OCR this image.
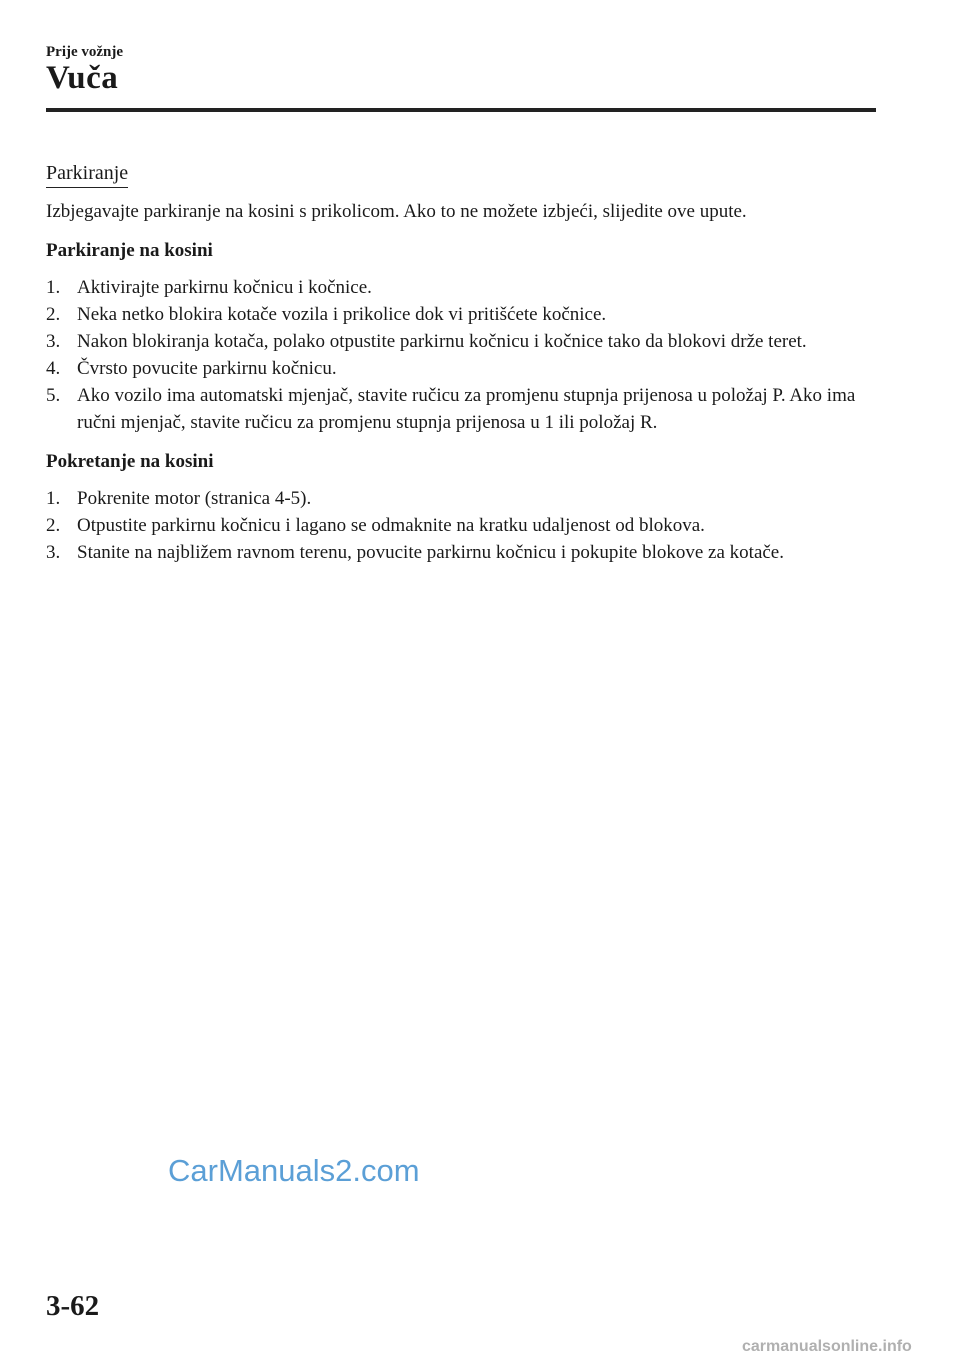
Prije vožnje
Vuča
Parkiranje

Izbjegavajte parkiranje na kosini s prikolicom. Ako to ne možete izbjeći, slijedite ove upute.

Parkiranje na kosini

1. Aktivirajte parkirnu kočnicu i kočnice.
2. Neka netko blokira kotače vozila i prikolice dok vi pritišćete kočnice.
3. Nakon blokiranja kotača, polako otpustite parkirnu kočnicu i kočnice tako da blokovi drže teret.
4. Čvrsto povucite parkirnu kočnicu.
5. Ako vozilo ima automatski mjenjač, stavite ručicu za promjenu stupnja prijenosa u položaj P. Ako ima ručni mjenjač, stavite ručicu za promjenu stupnja prijenosa u 1 ili položaj R.

Pokretanje na kosini

1. Pokrenite motor (stranica 4-5).
2. Otpustite parkirnu kočnicu i lagano se odmaknite na kratku udaljenost od blokova.
3. Stanite na najbližem ravnom terenu, povucite parkirnu kočnicu i pokupite blokove za kotače.
CarManuals2.com
3-62
carmanualsonline.info
